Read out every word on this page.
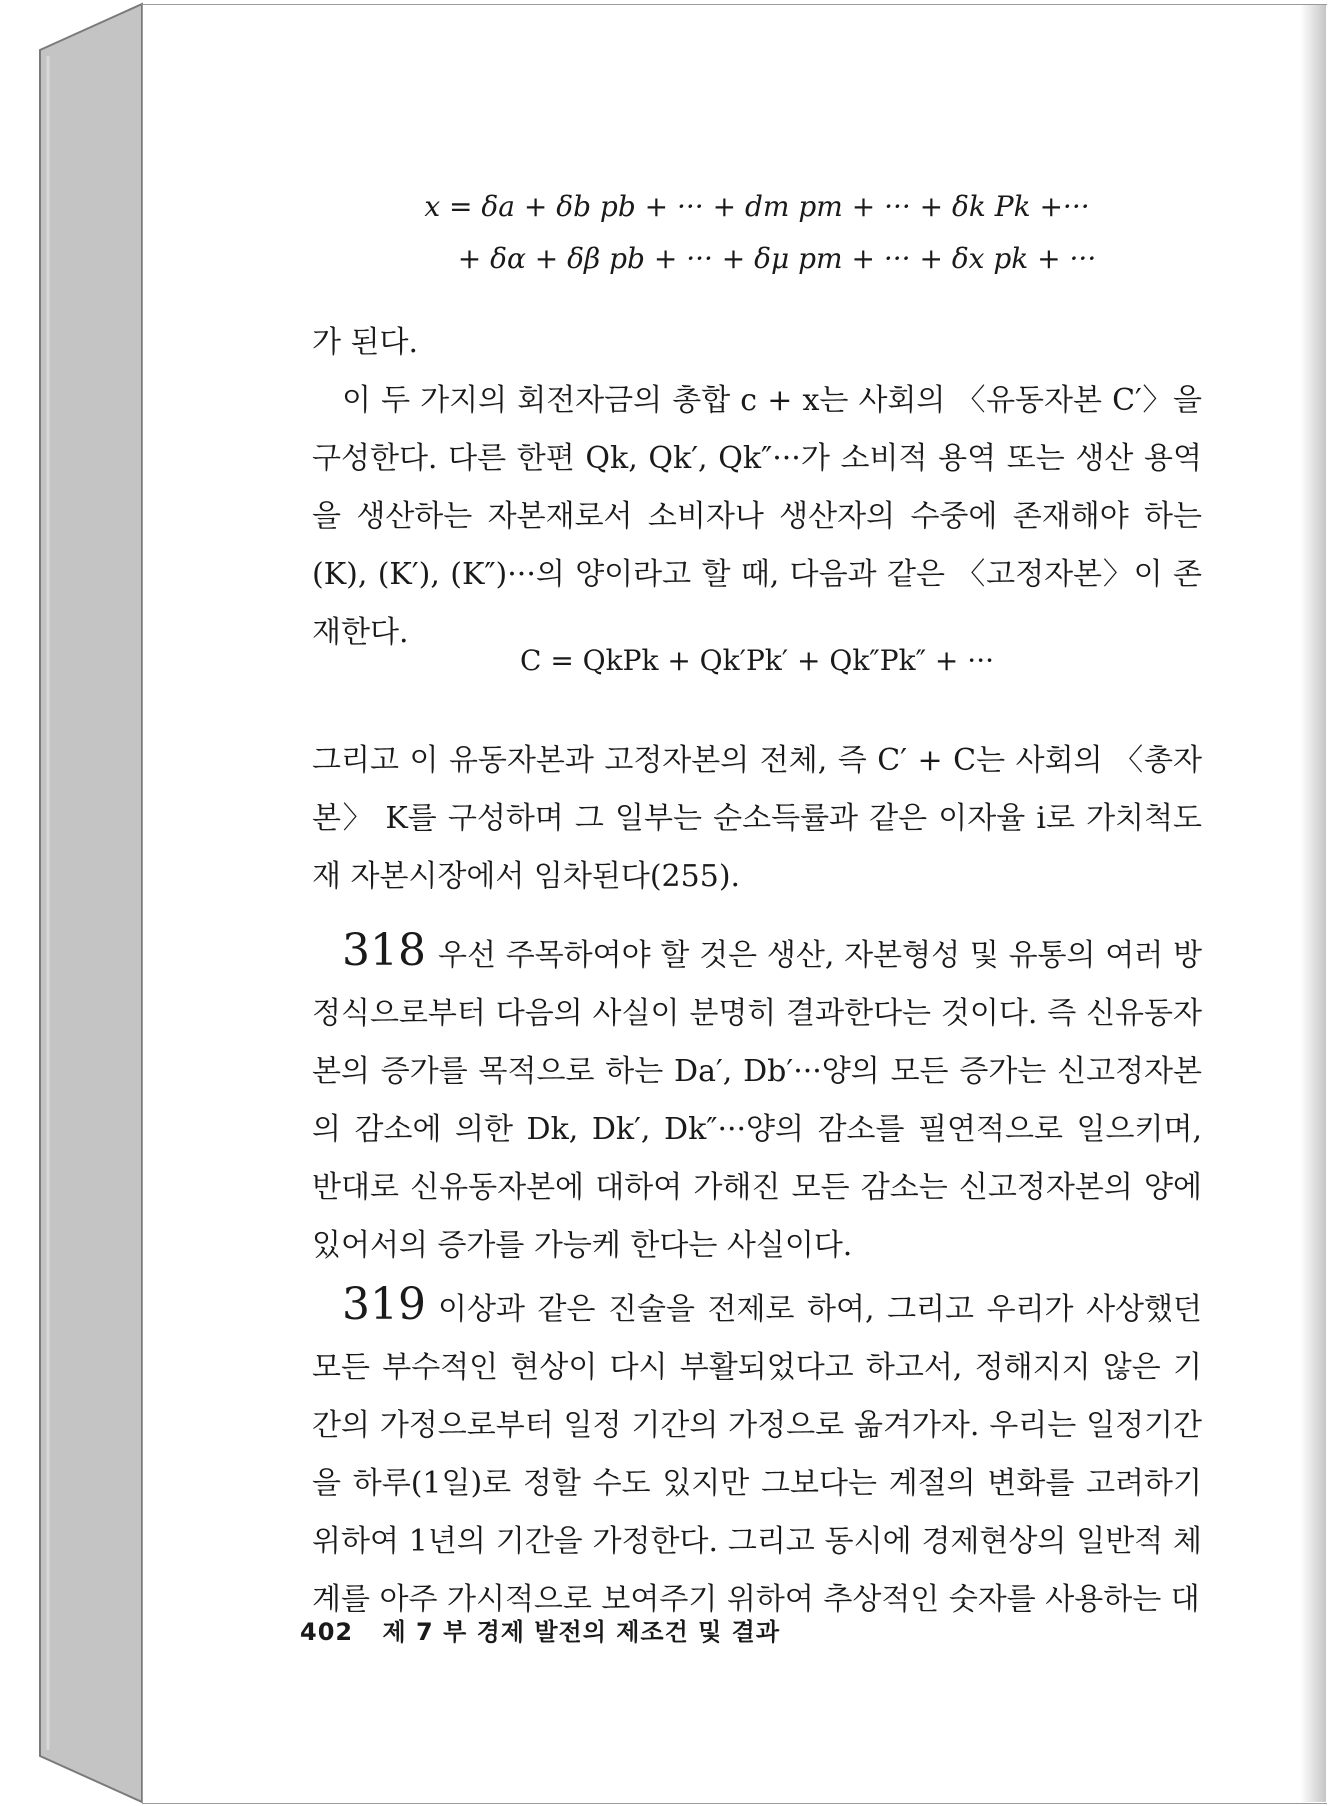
x = δa + δb pb + ··· + dm pm + ··· + δk Pk +···
+ δα + δβ pb + ··· + δμ pm + ··· + δx pk + ···

가 된다.

이 두 가지의 회전자금의 총합 c + x는 사회의 〈유동자본 C′〉을 구성한다. 다른 한편 Qk, Qk′, Qk″···가 소비적 용역 또는 생산 용역을 생산하는 자본재로서 소비자나 생산자의 수중에 존재해야 하는 (K), (K′), (K″)···의 양이라고 할 때, 다음과 같은 〈고정자본〉이 존재한다.

C = QkPk + Qk′Pk′ + Qk″Pk″ + ···

그리고 이 유동자본과 고정자본의 전체, 즉 C′ + C는 사회의 〈총자본〉 K를 구성하며 그 일부는 순소득률과 같은 이자율 i로 가치척도재 자본시장에서 임차된다(255).

318 우선 주목하여야 할 것은 생산, 자본형성 및 유통의 여러 방정식으로부터 다음의 사실이 분명히 결과한다는 것이다. 즉 신유동자본의 증가를 목적으로 하는 Da′, Db′···양의 모든 증가는 신고정자본의 감소에 의한 Dk, Dk′, Dk″···양의 감소를 필연적으로 일으키며, 반대로 신유동자본에 대하여 가해진 모든 감소는 신고정자본의 양에 있어서의 증가를 가능케 한다는 사실이다.

319 이상과 같은 진술을 전제로 하여, 그리고 우리가 사상했던 모든 부수적인 현상이 다시 부활되었다고 하고서, 정해지지 않은 기간의 가정으로부터 일정 기간의 가정으로 옮겨가자. 우리는 일정기간을 하루(1일)로 정할 수도 있지만 그보다는 계절의 변화를 고려하기 위하여 1년의 기간을 가정한다. 그리고 동시에 경제현상의 일반적 체계를 아주 가시적으로 보여주기 위하여 추상적인 숫자를 사용하는 대

402 제 7 부 경제 발전의 제조건 및 결과
